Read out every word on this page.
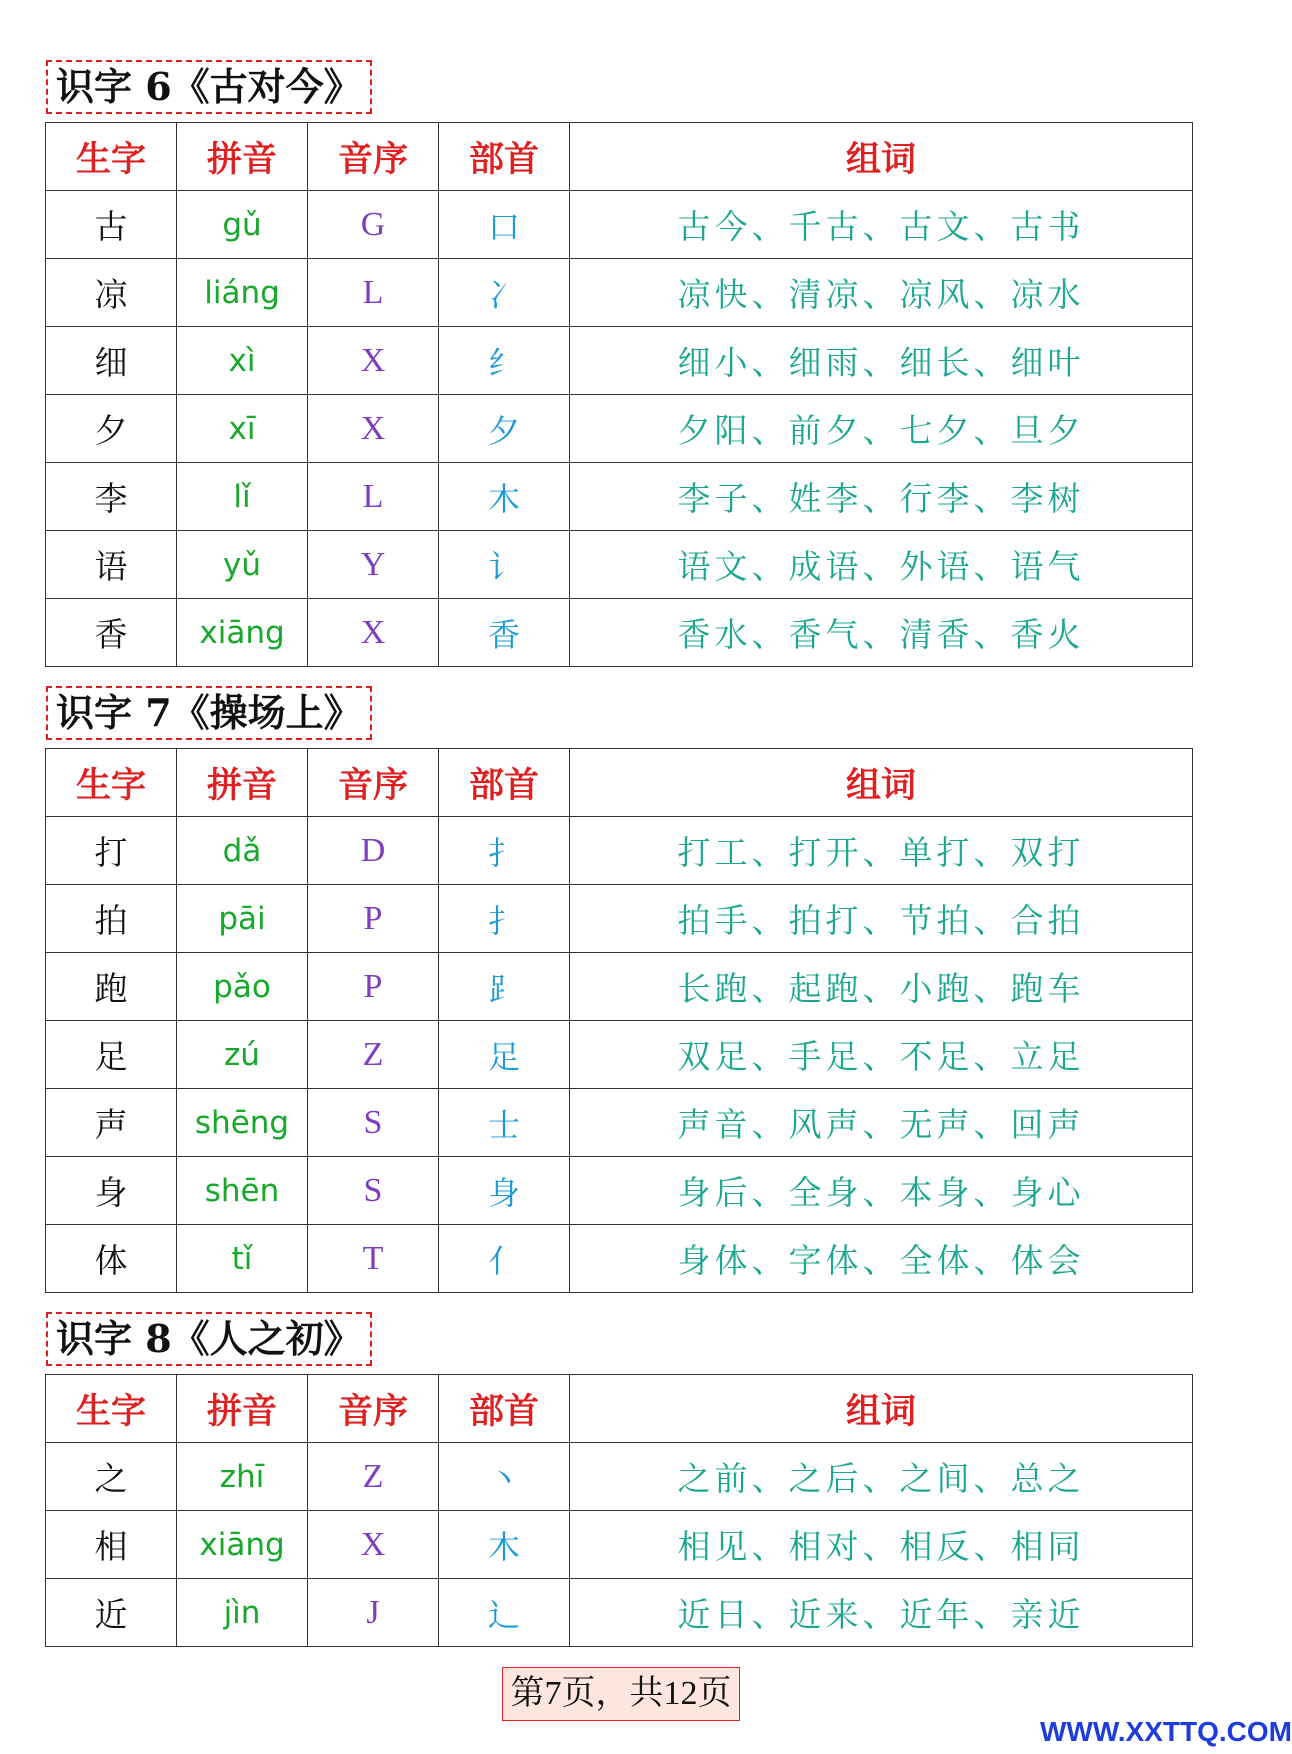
识字 6《古对今》
生字	拼音	音序	部首	组词
古	gǔ	G	口	古今、千古、古文、古书
凉	liáng	L	冫	凉快、清凉、凉风、凉水
细	xì	X	纟	细小、细雨、细长、细叶
夕	xī	X	夕	夕阳、前夕、七夕、旦夕
李	lǐ	L	木	李子、姓李、行李、李树
语	yǔ	Y	讠	语文、成语、外语、语气
香	xiāng	X	香	香水、香气、清香、香火
识字 7《操场上》
生字	拼音	音序	部首	组词
打	dǎ	D	扌	打工、打开、单打、双打
拍	pāi	P	扌	拍手、拍打、节拍、合拍
跑	pǎo	P	⻊	长跑、起跑、小跑、跑车
足	zú	Z	足	双足、手足、不足、立足
声	shēng	S	士	声音、风声、无声、回声
身	shēn	S	身	身后、全身、本身、身心
体	tǐ	T	亻	身体、字体、全体、体会
识字 8《人之初》
生字	拼音	音序	部首	组词
之	zhī	Z	丶	之前、之后、之间、总之
相	xiāng	X	木	相见、相对、相反、相同
近	jìn	J	辶	近日、近来、近年、亲近
第7页，共12页
WWW.XXTTQ.COM
